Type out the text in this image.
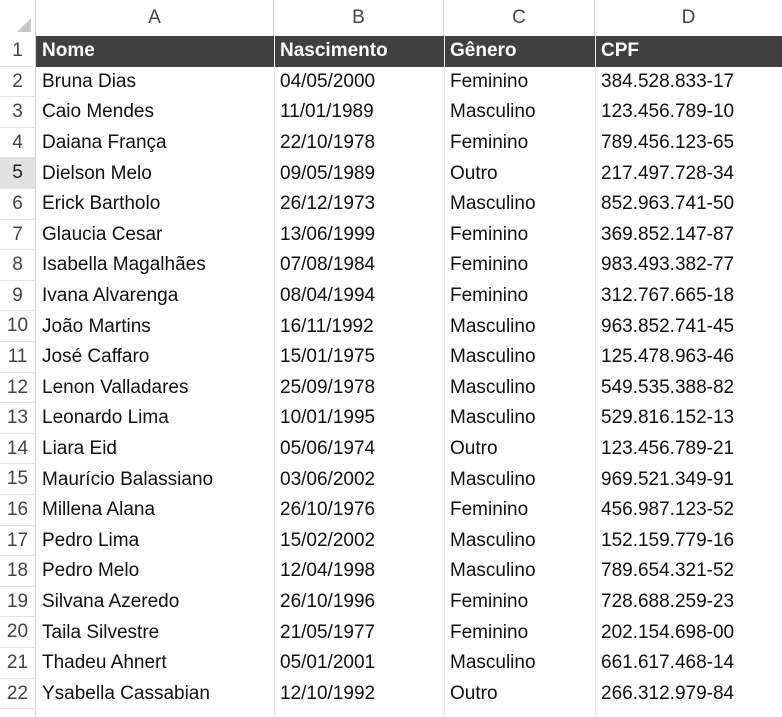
A	B	C	D
1	Nome	Nascimento	Gênero	CPF
2	Bruna Dias	04/05/2000	Feminino	384.528.833-17
3	Caio Mendes	11/01/1989	Masculino	123.456.789-10
4	Daiana França	22/10/1978	Feminino	789.456.123-65
5	Dielson Melo	09/05/1989	Outro	217.497.728-34
6	Erick Bartholo	26/12/1973	Masculino	852.963.741-50
7	Glaucia Cesar	13/06/1999	Feminino	369.852.147-87
8	Isabella Magalhães	07/08/1984	Feminino	983.493.382-77
9	Ivana Alvarenga	08/04/1994	Feminino	312.767.665-18
10 João Martins	16/11/1992	Masculino	963.852.741-45
11 José Caffaro	15/01/1975	Masculino	125.478.963-46
12 Lenon Valladares	25/09/1978	Masculino	549.535.388-82
13 Leonardo Lima	10/01/1995	Masculino	529.816.152-13
14 Liara Eid	05/06/1974	Outro	123.456.789-21
15 Maurício Balassiano	03/06/2002	Masculino	969.521.349-91
16 Millena Alana	26/10/1976	Feminino	456.987.123-52
17 Pedro Lima	15/02/2002	Masculino	152.159.779-16
18 Pedro Melo	12/04/1998	Masculino	789.654.321-52
19 Silvana Azeredo	26/10/1996	Feminino	728.688.259-23
20 Taila Silvestre	21/05/1977	Feminino	202.154.698-00
21 Thadeu Ahnert	05/01/2001	Masculino	661.617.468-14
22 Ysabella Cassabian	12/10/1992	Outro	266.312.979-84
